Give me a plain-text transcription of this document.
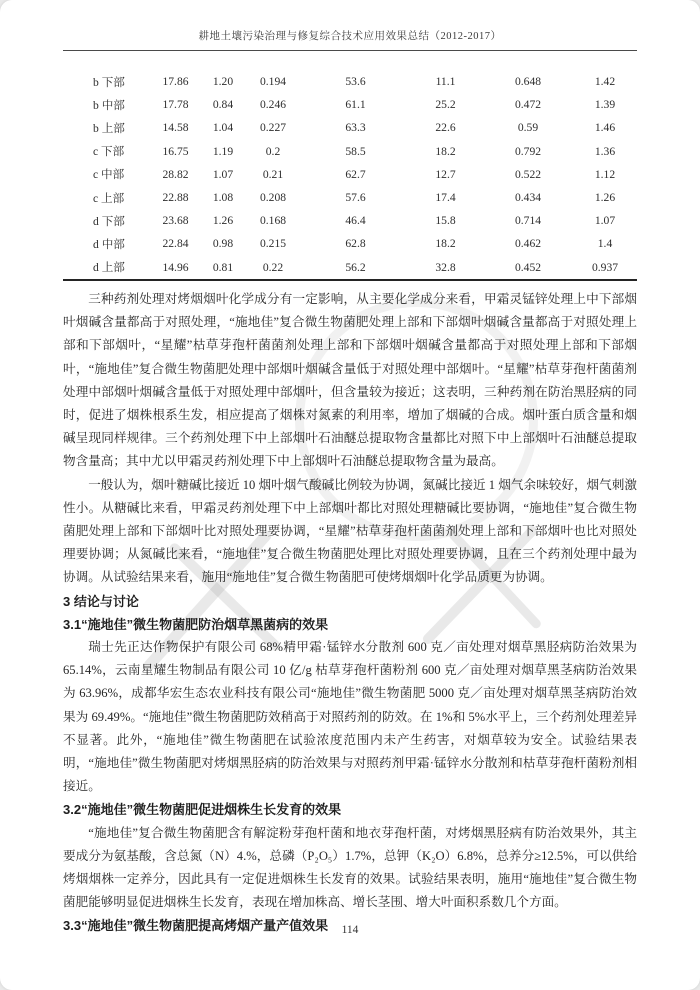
耕地土壤污染治理与修复综合技术应用效果总结（2012-2017）
b 下部	17.86	1.20	0.194	53.6	11.1	0.648	1.42
b 中部	17.78	0.84	0.246	61.1	25.2	0.472	1.39
b 上部	14.58	1.04	0.227	63.3	22.6	0.59	1.46
c 下部	16.75	1.19	0.2	58.5	18.2	0.792	1.36
c 中部	28.82	1.07	0.21	62.7	12.7	0.522	1.12
c 上部	22.88	1.08	0.208	57.6	17.4	0.434	1.26
d 下部	23.68	1.26	0.168	46.4	15.8	0.714	1.07
d 中部	22.84	0.98	0.215	62.8	18.2	0.462	1.4
d 上部	14.96	0.81	0.22	56.2	32.8	0.452	0.937

三种药剂处理对烤烟烟叶化学成分有一定影响，从主要化学成分来看，甲霜灵锰锌处理上中下部烟叶烟碱含量都高于对照处理，“施地佳”复合微生物菌肥处理上部和下部烟叶烟碱含量都高于对照处理上部和下部烟叶，“星耀”枯草芽孢杆菌菌剂处理上部和下部烟叶烟碱含量都高于对照处理上部和下部烟叶，“施地佳”复合微生物菌肥处理中部烟叶烟碱含量低于对照处理中部烟叶。“星耀”枯草芽孢杆菌菌剂处理中部烟叶烟碱含量低于对照处理中部烟叶，但含量较为接近；这表明，三种药剂在防治黑胫病的同时，促进了烟株根系生发，相应提高了烟株对氮素的利用率，增加了烟碱的合成。烟叶蛋白质含量和烟碱呈现同样规律。三个药剂处理下中上部烟叶石油醚总提取物含量都比对照下中上部烟叶石油醚总提取物含量高；其中尤以甲霜灵药剂处理下中上部烟叶石油醚总提取物含量为最高。

一般认为，烟叶糖碱比接近 10 烟叶烟气酸碱比例较为协调，氮碱比接近 1 烟气余味较好，烟气刺激性小。从糖碱比来看，甲霜灵药剂处理下中上部烟叶都比对照处理糖碱比要协调，“施地佳”复合微生物菌肥处理上部和下部烟叶比对照处理要协调，“星耀”枯草芽孢杆菌菌剂处理上部和下部烟叶也比对照处理要协调；从氮碱比来看，“施地佳”复合微生物菌肥处理比对照处理要协调，且在三个药剂处理中最为协调。从试验结果来看，施用“施地佳”复合微生物菌肥可使烤烟烟叶化学品质更为协调。

3 结论与讨论
3.1“施地佳”微生物菌肥防治烟草黑菌病的效果

瑞士先正达作物保护有限公司 68%精甲霜·锰锌水分散剂 600 克／亩处理对烟草黑胫病防治效果为 65.14%，云南星耀生物制品有限公司 10 亿/g 枯草芽孢杆菌粉剂 600 克／亩处理对烟草黑茎病防治效果为 63.96%，成都华宏生态农业科技有限公司“施地佳”微生物菌肥 5000 克／亩处理对烟草黑茎病防治效果为 69.49%。“施地佳”微生物菌肥防效稍高于对照药剂的防效。在 1%和 5%水平上，三个药剂处理差异不显著。此外，“施地佳”微生物菌肥在试验浓度范围内未产生药害，对烟草较为安全。试验结果表明，“施地佳”微生物菌肥对烤烟黑胫病的防治效果与对照药剂甲霜·锰锌水分散剂和枯草芽孢杆菌粉剂相接近。

3.2“施地佳”微生物菌肥促进烟株生长发育的效果

“施地佳”复合微生物菌肥含有解淀粉芽孢杆菌和地衣芽孢杆菌，对烤烟黑胫病有防治效果外，其主要成分为氨基酸，含总氮（N）4.%，总磷（P₂O₅）1.7%，总钾（K₂O）6.8%，总养分≥12.5%，可以供给烤烟烟株一定养分，因此具有一定促进烟株生长发育的效果。试验结果表明，施用“施地佳”复合微生物菌肥能够明显促进烟株生长发育，表现在增加株高、增长茎围、增大叶面积系数几个方面。

3.3“施地佳”微生物菌肥提高烤烟产量产值效果	114
